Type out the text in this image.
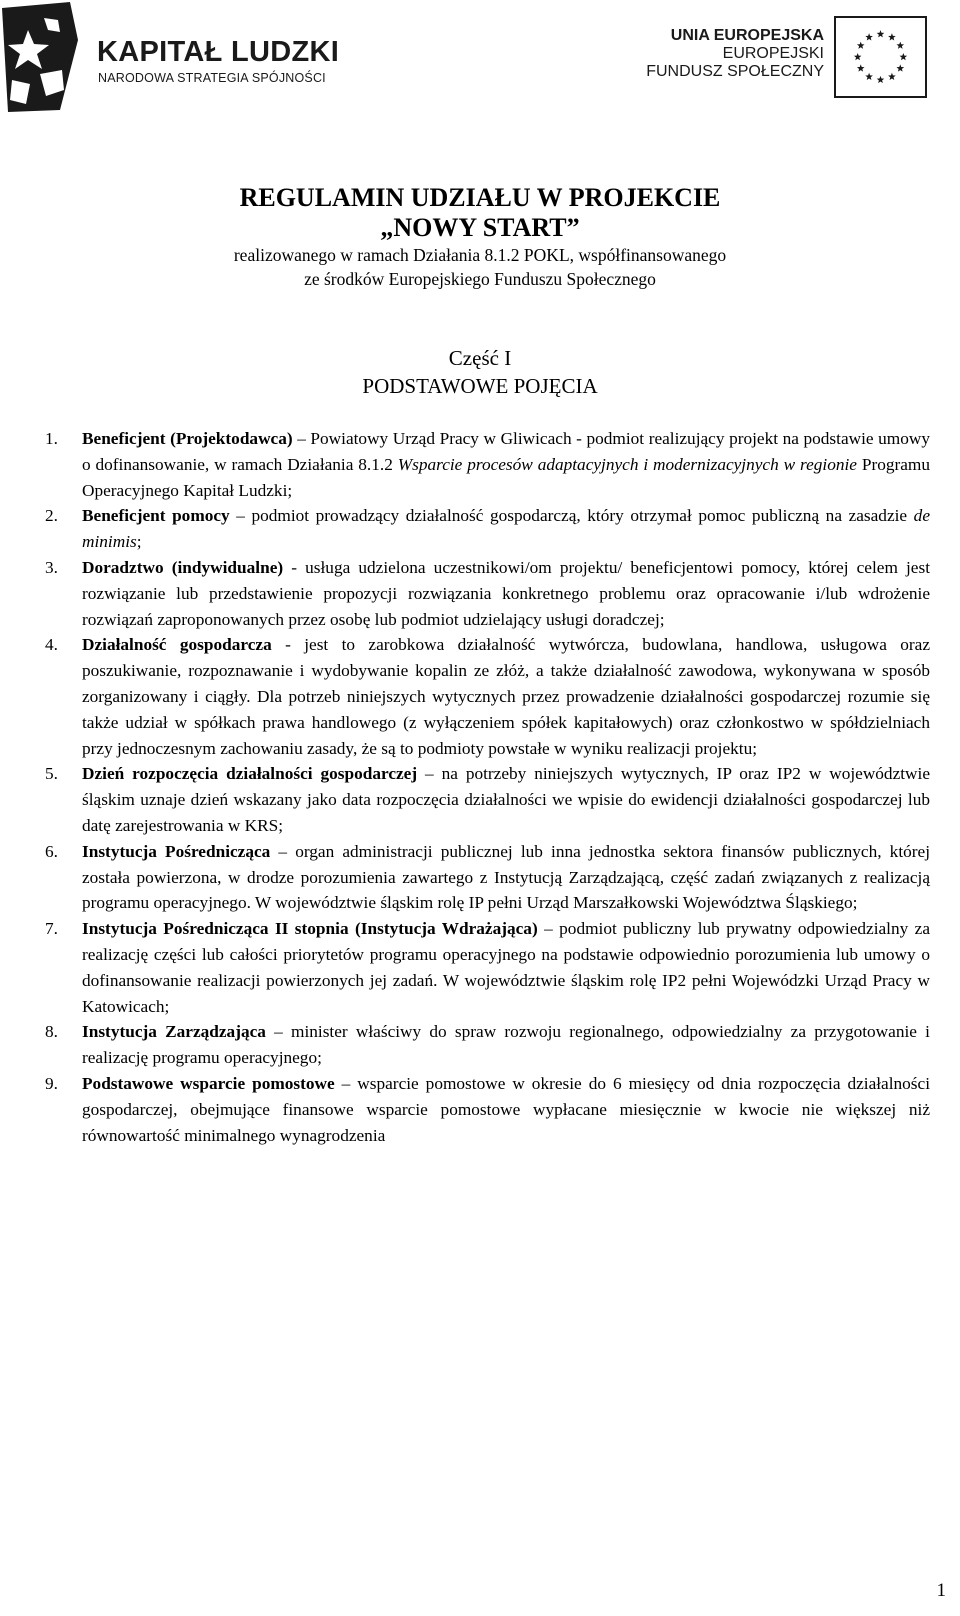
KAPITAŁ LUDZKI
NARODOWA STRATEGIA SPÓJNOŚCI
UNIA EUROPEJSKA
EUROPEJSKI
FUNDUSZ SPOŁECZNY
REGULAMIN UDZIAŁU W PROJEKCIE
„NOWY START”
realizowanego w ramach Działania 8.1.2 POKL, współfinansowanego
ze środków Europejskiego Funduszu Społecznego
Część I
PODSTAWOWE POJĘCIA
1.	Beneficjent (Projektodawca) – Powiatowy Urząd Pracy w Gliwicach - podmiot realizujący projekt na podstawie umowy o dofinansowanie, w ramach Działania 8.1.2 Wsparcie procesów adaptacyjnych i modernizacyjnych w regionie Programu Operacyjnego Kapitał Ludzki;
2.	Beneficjent pomocy – podmiot prowadzący działalność gospodarczą, który otrzymał pomoc publiczną na zasadzie de minimis;
3.	Doradztwo (indywidualne) - usługa udzielona uczestnikowi/om projektu/ beneficjentowi pomocy, której celem jest rozwiązanie lub przedstawienie propozycji rozwiązania konkretnego problemu oraz opracowanie i/lub wdrożenie rozwiązań zaproponowanych przez osobę lub podmiot udzielający usługi doradczej;
4.	Działalność gospodarcza - jest to zarobkowa działalność wytwórcza, budowlana, handlowa, usługowa oraz poszukiwanie, rozpoznawanie i wydobywanie kopalin ze złóż, a także działalność zawodowa, wykonywana w sposób zorganizowany i ciągły. Dla potrzeb niniejszych wytycznych przez prowadzenie działalności gospodarczej rozumie się także udział w spółkach prawa handlowego (z wyłączeniem spółek kapitałowych) oraz członkostwo w spółdzielniach przy jednoczesnym zachowaniu zasady, że są to podmioty powstałe w wyniku realizacji projektu;
5.	Dzień rozpoczęcia działalności gospodarczej – na potrzeby niniejszych wytycznych, IP oraz IP2 w województwie śląskim uznaje dzień wskazany jako data rozpoczęcia działalności we wpisie do ewidencji działalności gospodarczej lub datę zarejestrowania w KRS;
6.	Instytucja Pośrednicząca – organ administracji publicznej lub inna jednostka sektora finansów publicznych, której została powierzona, w drodze porozumienia zawartego z Instytucją Zarządzającą, część zadań związanych z realizacją programu operacyjnego. W województwie śląskim rolę IP pełni Urząd Marszałkowski Województwa Śląskiego;
7.	Instytucja Pośrednicząca II stopnia (Instytucja Wdrażająca) – podmiot publiczny lub prywatny odpowiedzialny za realizację części lub całości priorytetów programu operacyjnego na podstawie odpowiednio porozumienia lub umowy o dofinansowanie realizacji powierzonych jej zadań. W województwie śląskim rolę IP2 pełni Wojewódzki Urząd Pracy w Katowicach;
8.	Instytucja Zarządzająca – minister właściwy do spraw rozwoju regionalnego, odpowiedzialny za przygotowanie i realizację programu operacyjnego;
9.	Podstawowe wsparcie pomostowe – wsparcie pomostowe w okresie do 6 miesięcy od dnia rozpoczęcia działalności gospodarczej, obejmujące finansowe wsparcie pomostowe wypłacane miesięcznie w kwocie nie większej niż równowartość minimalnego wynagrodzenia
1
